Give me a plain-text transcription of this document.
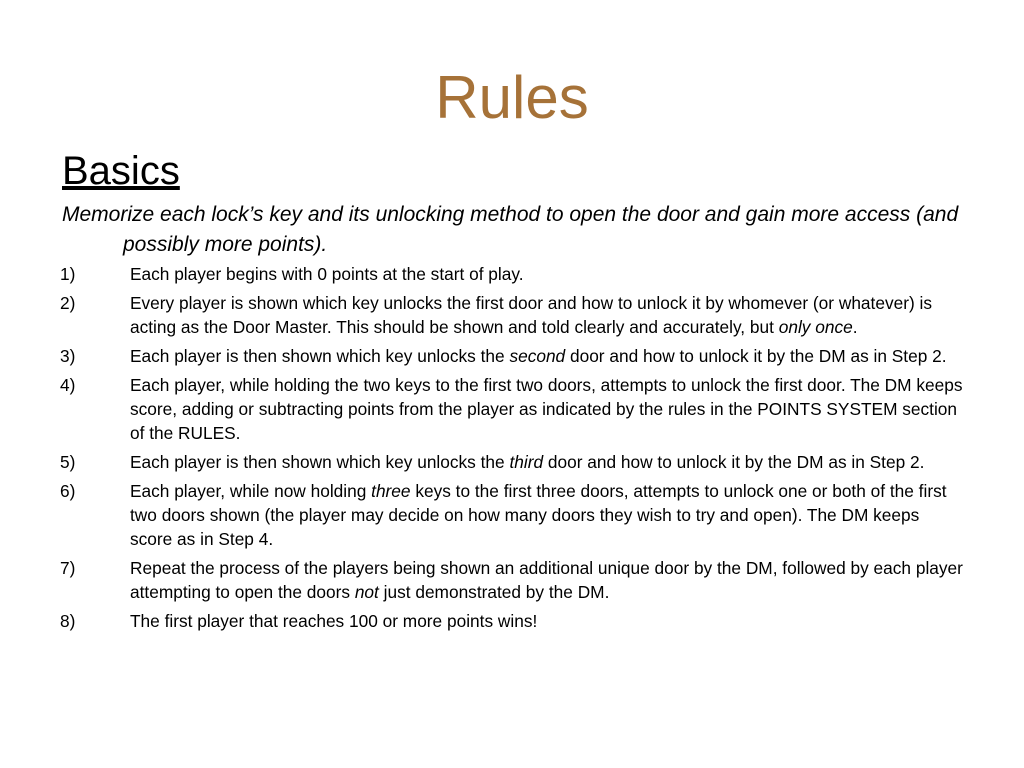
Rules
Basics

Memorize each lock’s key and its unlocking method to open the door and gain more access (and possibly more points).

1)	Each player begins with 0 points at the start of play.
2)	Every player is shown which key unlocks the first door and how to unlock it by whomever (or whatever) is acting as the Door Master. This should be shown and told clearly and accurately, but only once.
3)	Each player is then shown which key unlocks the second door and how to unlock it by the DM as in Step 2.
4)	Each player, while holding the two keys to the first two doors, attempts to unlock the first door. The DM keeps score, adding or subtracting points from the player as indicated by the rules in the POINTS SYSTEM section of the RULES.
5)	Each player is then shown which key unlocks the third door and how to unlock it by the DM as in Step 2.
6)	Each player, while now holding three keys to the first three doors, attempts to unlock one or both of the first two doors shown (the player may decide on how many doors they wish to try and open). The DM keeps score as in Step 4.
7)	Repeat the process of the players being shown an additional unique door by the DM, followed by each player attempting to open the doors not just demonstrated by the DM.
8)	The first player that reaches 100 or more points wins!
